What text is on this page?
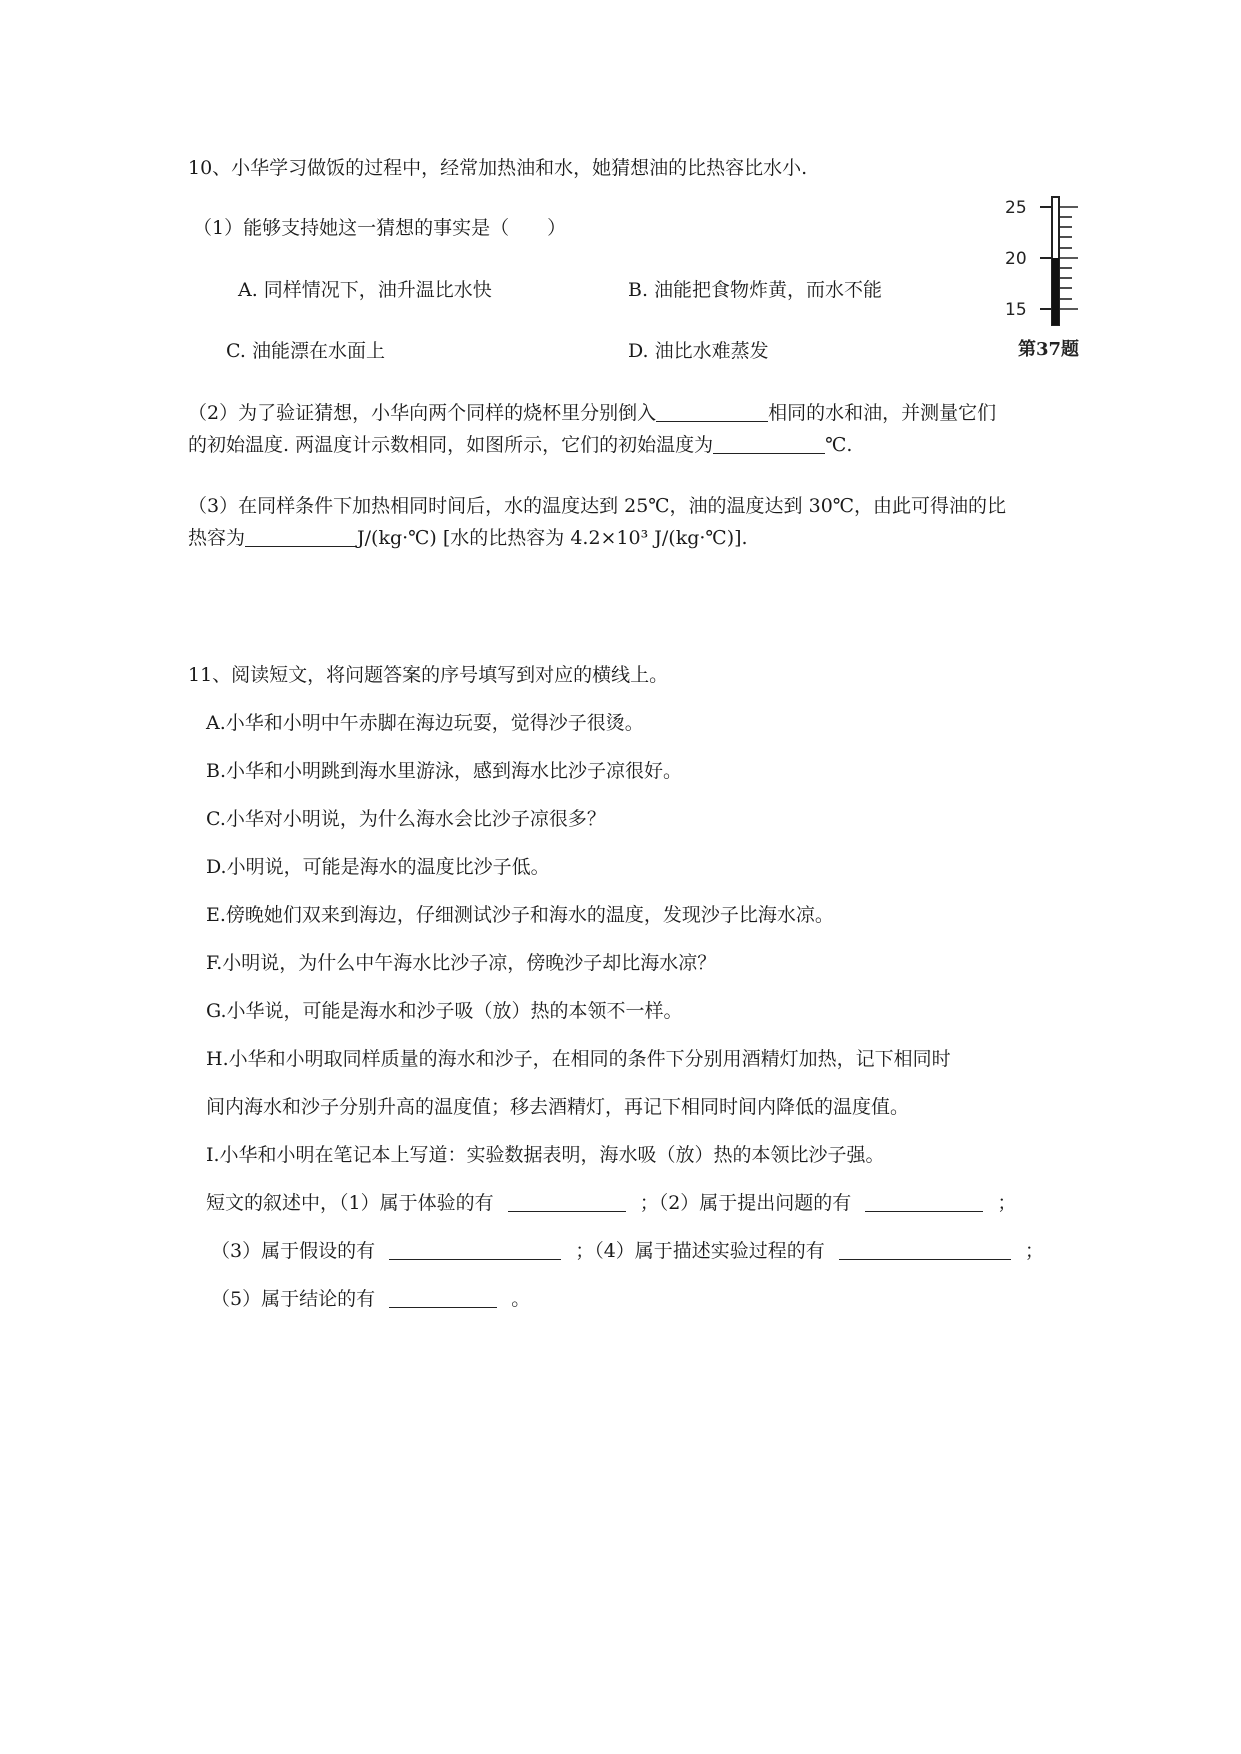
10、小华学习做饭的过程中，经常加热油和水，她猜想油的比热容比水小.
（1）能够支持她这一猜想的事实是（　　）
A. 同样情况下，油升温比水快	B. 油能把食物炸黄，而水不能
C. 油能漂在水面上	D. 油比水难蒸发
（2）为了验证猜想，小华向两个同样的烧杯里分别倒入	相同的水和油，并测量它们
的初始温度. 两温度计示数相同，如图所示，它们的初始温度为	℃.
（3）在同样条件下加热相同时间后，水的温度达到 25℃，油的温度达到 30℃，由此可得油的比
热容为	J/(kg·℃) [水的比热容为 4.2×10³ J/(kg·℃)].
25
20
15
第37题
11、阅读短文，将问题答案的序号填写到对应的横线上。
A.小华和小明中午赤脚在海边玩耍，觉得沙子很烫。
B.小华和小明跳到海水里游泳，感到海水比沙子凉很好。
C.小华对小明说，为什么海水会比沙子凉很多？
D.小明说，可能是海水的温度比沙子低。
E.傍晚她们双来到海边，仔细测试沙子和海水的温度，发现沙子比海水凉。
F.小明说，为什么中午海水比沙子凉，傍晚沙子却比海水凉？
G.小华说，可能是海水和沙子吸（放）热的本领不一样。
H.小华和小明取同样质量的海水和沙子，在相同的条件下分别用酒精灯加热，记下相同时
间内海水和沙子分别升高的温度值；移去酒精灯，再记下相同时间内降低的温度值。
I.小华和小明在笔记本上写道：实验数据表明，海水吸（放）热的本领比沙子强。
短文的叙述中，（1）属于体验的有	；（2）属于提出问题的有	；
（3）属于假设的有	；（4）属于描述实验过程的有	；
（5）属于结论的有	。
